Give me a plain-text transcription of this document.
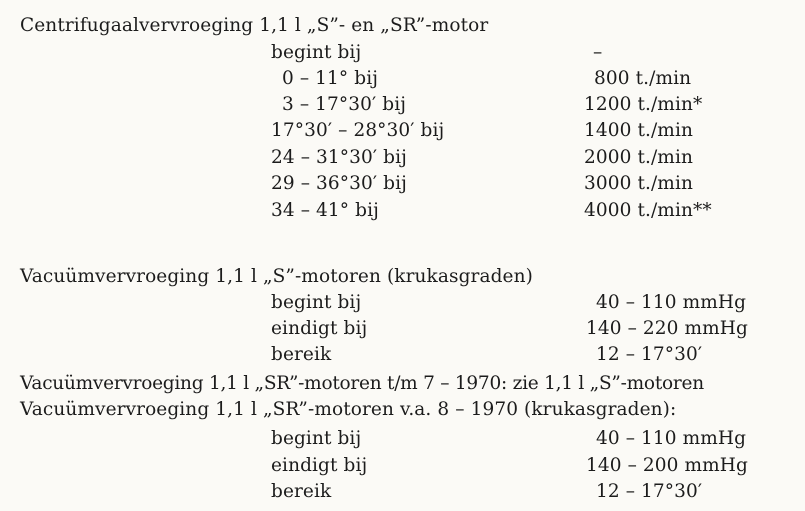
Centrifugaalvervroeging 1,1 l „S”- en „SR”-motor
begint bij	–
0 – 11° bij	800 t./min
3 – 17°30′ bij	1200 t./min*
17°30′ – 28°30′ bij	1400 t./min
24 – 31°30′ bij	2000 t./min
29 – 36°30′ bij	3000 t./min
34 – 41° bij	4000 t./min**
Vacuümvervroeging 1,1 l „S”-motoren (krukasgraden)
begint bij	40 – 110 mmHg
eindigt bij	140 – 220 mmHg
bereik	12 – 17°30′
Vacuümvervroeging 1,1 l „SR”-motoren t/m 7 – 1970: zie 1,1 l „S”-motoren
Vacuümvervroeging 1,1 l „SR”-motoren v.a. 8 – 1970 (krukasgraden):
begint bij	40 – 110 mmHg
eindigt bij	140 – 200 mmHg
bereik	12 – 17°30′
